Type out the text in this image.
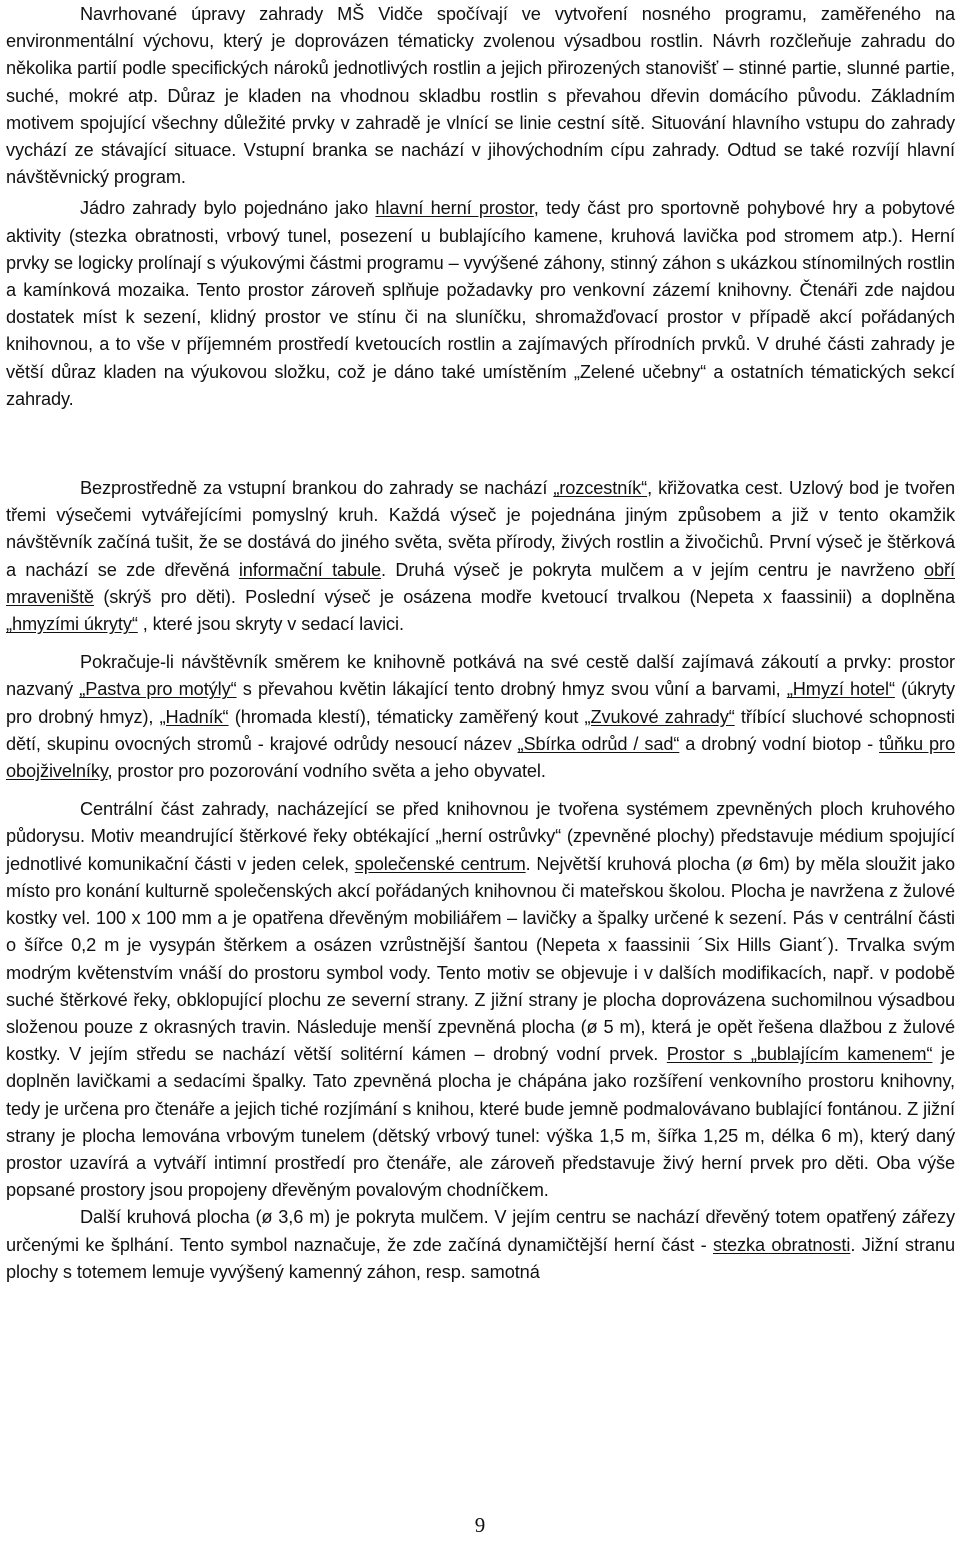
Navrhované úpravy zahrady MŠ Vidče spočívají ve vytvoření nosného programu, zaměřeného na environmentální výchovu, který je doprovázen tématicky zvolenou výsadbou rostlin. Návrh rozčleňuje zahradu do několika partií podle specifických nároků jednotlivých rostlin a jejich přirozených stanovišť – stinné partie, slunné partie, suché, mokré atp. Důraz je kladen na vhodnou skladbu rostlin s převahou dřevin domácího původu. Základním motivem spojující všechny důležité prvky v zahradě je vlnící se linie cestní sítě. Situování hlavního vstupu do zahrady vychází ze stávající situace. Vstupní branka se nachází v jihovýchodním cípu zahrady. Odtud se také rozvíjí hlavní návštěvnický program.

Jádro zahrady bylo pojednáno jako hlavní herní prostor, tedy část pro sportovně pohybové hry a pobytové aktivity (stezka obratnosti, vrbový tunel, posezení u bublajícího kamene, kruhová lavička pod stromem atp.). Herní prvky se logicky prolínají s výukovými částmi programu – vyvýšené záhony, stinný záhon s ukázkou stínomilných rostlin a kamínková mozaika. Tento prostor zároveň splňuje požadavky pro venkovní zázemí knihovny. Čtenáři zde najdou dostatek míst k sezení, klidný prostor ve stínu či na sluníčku, shromažďovací prostor v případě akcí pořádaných knihovnou, a to vše v příjemném prostředí kvetoucích rostlin a zajímavých přírodních prvků. V druhé části zahrady je větší důraz kladen na výukovou složku, což je dáno také umístěním „Zelené učebny“ a ostatních tématických sekcí zahrady.

Bezprostředně za vstupní brankou do zahrady se nachází „rozcestník“, křižovatka cest. Uzlový bod je tvořen třemi výsečemi vytvářejícími pomyslný kruh. Každá výseč je pojednána jiným způsobem a již v tento okamžik návštěvník začíná tušit, že se dostává do jiného světa, světa přírody, živých rostlin a živočichů. První výseč je štěrková a nachází se zde dřevěná informační tabule. Druhá výseč je pokryta mulčem a v jejím centru je navrženo obří mraveniště (skrýš pro děti). Poslední výseč je osázena modře kvetoucí trvalkou (Nepeta x faassinii) a doplněna „hmyzími úkryty“ , které jsou skryty v sedací lavici.

Pokračuje-li návštěvník směrem ke knihovně potkává na své cestě další zajímavá zákoutí a prvky: prostor nazvaný „Pastva pro motýly“ s převahou květin lákající tento drobný hmyz svou vůní a barvami, „Hmyzí hotel“ (úkryty pro drobný hmyz), „Hadník“ (hromada klestí), tématicky zaměřený kout „Zvukové zahrady“ tříbící sluchové schopnosti dětí, skupinu ovocných stromů - krajové odrůdy nesoucí název „Sbírka odrůd / sad“ a drobný vodní biotop - tůňku pro obojživelníky, prostor pro pozorování vodního světa a jeho obyvatel.

Centrální část zahrady, nacházející se před knihovnou je tvořena systémem zpevněných ploch kruhového půdorysu. Motiv meandrující štěrkové řeky obtékající „herní ostrůvky“ (zpevněné plochy) představuje médium spojující jednotlivé komunikační části v jeden celek, společenské centrum. Největší kruhová plocha (ø 6m) by měla sloužit jako místo pro konání kulturně společenských akcí pořádaných knihovnou či mateřskou školou. Plocha je navržena z žulové kostky vel. 100 x 100 mm a je opatřena dřevěným mobiliářem – lavičky a špalky určené k sezení. Pás v centrální části o šířce 0,2 m je vysypán štěrkem a osázen vzrůstnější šantou (Nepeta x faassinii ´Six Hills Giant´). Trvalka svým modrým květenstvím vnáší do prostoru symbol vody. Tento motiv se objevuje i v dalších modifikacích, např. v podobě suché štěrkové řeky, obklopující plochu ze severní strany. Z jižní strany je plocha doprovázena suchomilnou výsadbou složenou pouze z okrasných travin. Následuje menší zpevněná plocha (ø 5 m), která je opět řešena dlažbou z žulové kostky. V jejím středu se nachází větší solitérní kámen – drobný vodní prvek. Prostor s „bublajícím kamenem“ je doplněn lavičkami a sedacími špalky. Tato zpevněná plocha je chápána jako rozšíření venkovního prostoru knihovny, tedy je určena pro čtenáře a jejich tiché rozjímání s knihou, které bude jemně podmalovávano bublající fontánou. Z jižní strany je plocha lemována vrbovým tunelem (dětský vrbový tunel: výška 1,5 m, šířka 1,25 m, délka 6 m), který daný prostor uzavírá a vytváří intimní prostředí pro čtenáře, ale zároveň představuje živý herní prvek pro děti. Oba výše popsané prostory jsou propojeny dřevěným povalovým chodníčkem.

Další kruhová plocha (ø 3,6 m) je pokryta mulčem. V jejím centru se nachází dřevěný totem opatřený zářezy určenými ke šplhání. Tento symbol naznačuje, že zde začíná dynamičtější herní část - stezka obratnosti. Jižní stranu plochy s totemem lemuje vyvýšený kamenný záhon, resp. samotná

9
